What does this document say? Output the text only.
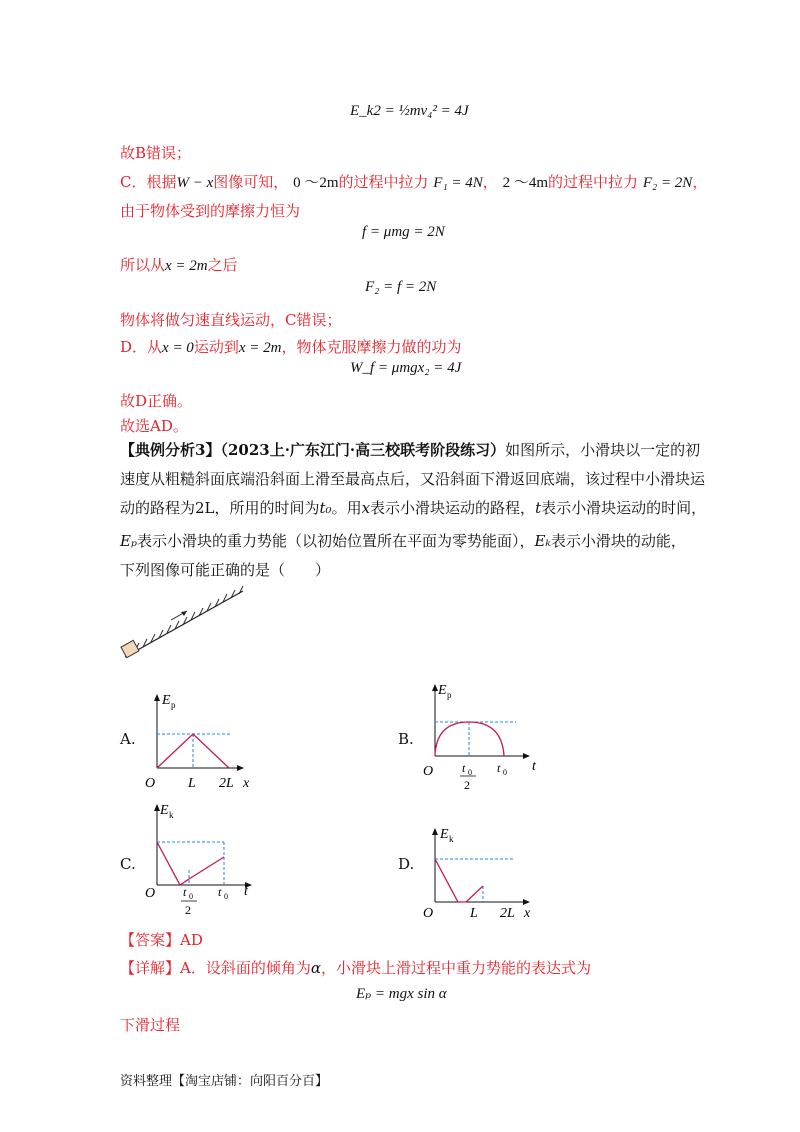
E_k2 = ½mv₄² = 4J
故B错误；
C．根据W − x图像可知， 0 ～2m的过程中拉力 F₁ = 4N， 2 ～4m的过程中拉力 F₂ = 2N，
由于物体受到的摩擦力恒为
f = μmg = 2N
所以从x = 2m之后
F₂ = f = 2N
物体将做匀速直线运动，C错误；
D．从x = 0运动到x = 2m，物体克服摩擦力做的功为
W_f = μmgx₂ = 4J
故D正确。
故选AD。
【典例分析3】（2023上·广东江门·高三校联考阶段练习）如图所示，小滑块以一定的初
速度从粗糙斜面底端沿斜面上滑至最高点后，又沿斜面下滑返回底端，该过程中小滑块运
动的路程为2L，所用的时间为t₀。用x表示小滑块运动的路程，t表示小滑块运动的时间，
Eₚ表示小滑块的重力势能（以初始位置所在平面为零势能面），Eₖ表示小滑块的动能，
下列图像可能正确的是（　　）
A.
E p
O L 2L x
B.
E p
O t 0
2
t 0 t
C.
E k
O t 0
2
t 0 t
D.
E k
O	L 2L x
【答案】AD
【详解】A．设斜面的倾角为α，小滑块上滑过程中重力势能的表达式为
Eₚ = mgx sin α
下滑过程
资料整理【淘宝店铺：向阳百分百】
